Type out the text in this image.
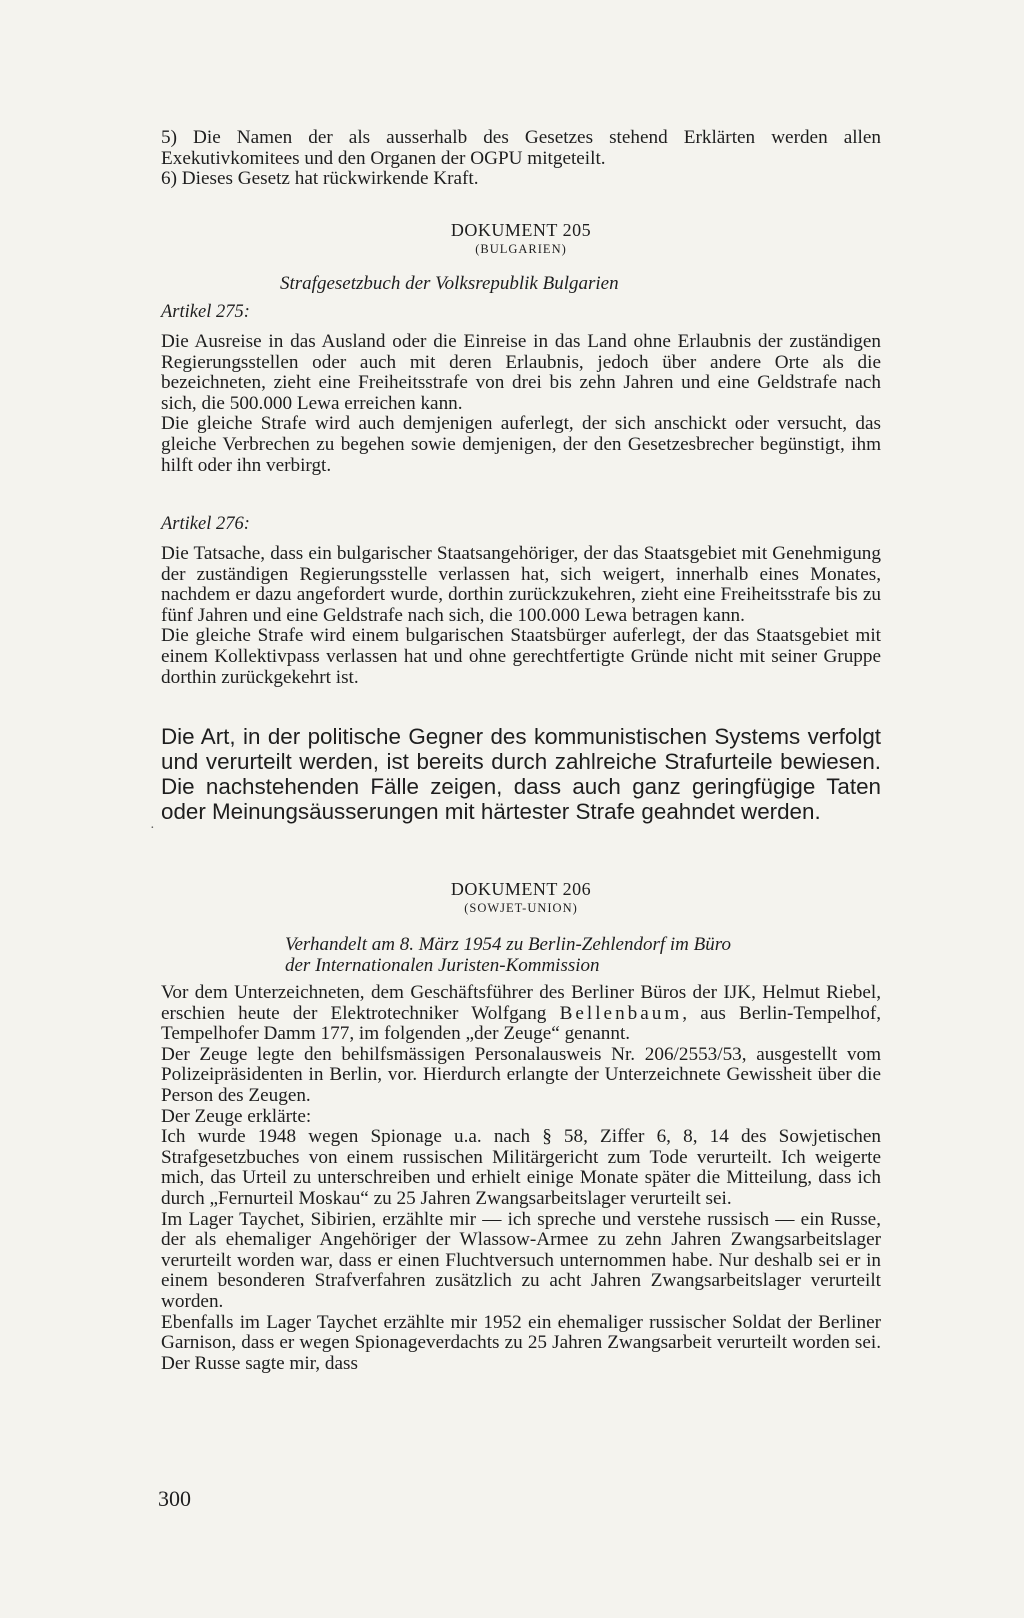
5) Die Namen der als ausserhalb des Gesetzes stehend Erklärten werden allen Exekutivkomitees und den Organen der OGPU mitgeteilt.

6) Dieses Gesetz hat rückwirkende Kraft.

DOKUMENT 205
(BULGARIEN)
Strafgesetzbuch der Volksrepublik Bulgarien
Artikel 275:

Die Ausreise in das Ausland oder die Einreise in das Land ohne Erlaubnis der zuständigen Regierungsstellen oder auch mit deren Erlaubnis, jedoch über andere Orte als die bezeichneten, zieht eine Freiheitsstrafe von drei bis zehn Jahren und eine Geldstrafe nach sich, die 500.000 Lewa erreichen kann.

Die gleiche Strafe wird auch demjenigen auferlegt, der sich anschickt oder versucht, das gleiche Verbrechen zu begehen sowie demjenigen, der den Gesetzesbrecher begünstigt, ihm hilft oder ihn verbirgt.

Artikel 276:

Die Tatsache, dass ein bulgarischer Staatsangehöriger, der das Staatsgebiet mit Genehmigung der zuständigen Regierungsstelle verlassen hat, sich weigert, innerhalb eines Monates, nachdem er dazu angefordert wurde, dorthin zurückzukehren, zieht eine Freiheitsstrafe bis zu fünf Jahren und eine Geldstrafe nach sich, die 100.000 Lewa betragen kann.

Die gleiche Strafe wird einem bulgarischen Staatsbürger auferlegt, der das Staatsgebiet mit einem Kollektivpass verlassen hat und ohne gerechtfertigte Gründe nicht mit seiner Gruppe dorthin zurückgekehrt ist.

Die Art, in der politische Gegner des kommunistischen Systems verfolgt und verurteilt werden, ist bereits durch zahlreiche Strafurteile bewiesen. Die nachstehenden Fälle zeigen, dass auch ganz geringfügige Taten oder Meinungsäusserungen mit härtester Strafe geahndet werden.

·
DOKUMENT 206
(SOWJET-UNION)
Verhandelt am 8. März 1954 zu Berlin-Zehlendorf im Büro
der Internationalen Juristen-Kommission

Vor dem Unterzeichneten, dem Geschäftsführer des Berliner Büros der IJK, Helmut Riebel, erschien heute der Elektrotechniker Wolfgang Bellenbaum, aus Berlin-Tempelhof, Tempelhofer Damm 177, im folgenden „der Zeuge“ genannt.

Der Zeuge legte den behilfsmässigen Personalausweis Nr. 206/2553/53, ausgestellt vom Polizeipräsidenten in Berlin, vor. Hierdurch erlangte der Unterzeichnete Gewissheit über die Person des Zeugen.

Der Zeuge erklärte:

Ich wurde 1948 wegen Spionage u.a. nach § 58, Ziffer 6, 8, 14 des Sowjetischen Strafgesetzbuches von einem russischen Militärgericht zum Tode verurteilt. Ich weigerte mich, das Urteil zu unterschreiben und erhielt einige Monate später die Mitteilung, dass ich durch „Fernurteil Moskau“ zu 25 Jahren Zwangsarbeitslager verurteilt sei.

Im Lager Taychet, Sibirien, erzählte mir — ich spreche und verstehe russisch — ein Russe, der als ehemaliger Angehöriger der Wlassow-Armee zu zehn Jahren Zwangsarbeitslager verurteilt worden war, dass er einen Fluchtversuch unternommen habe. Nur deshalb sei er in einem besonderen Strafverfahren zusätzlich zu acht Jahren Zwangsarbeitslager verurteilt worden.

Ebenfalls im Lager Taychet erzählte mir 1952 ein ehemaliger russischer Soldat der Berliner Garnison, dass er wegen Spionageverdachts zu 25 Jahren Zwangsarbeit verurteilt worden sei. Der Russe sagte mir, dass

300
